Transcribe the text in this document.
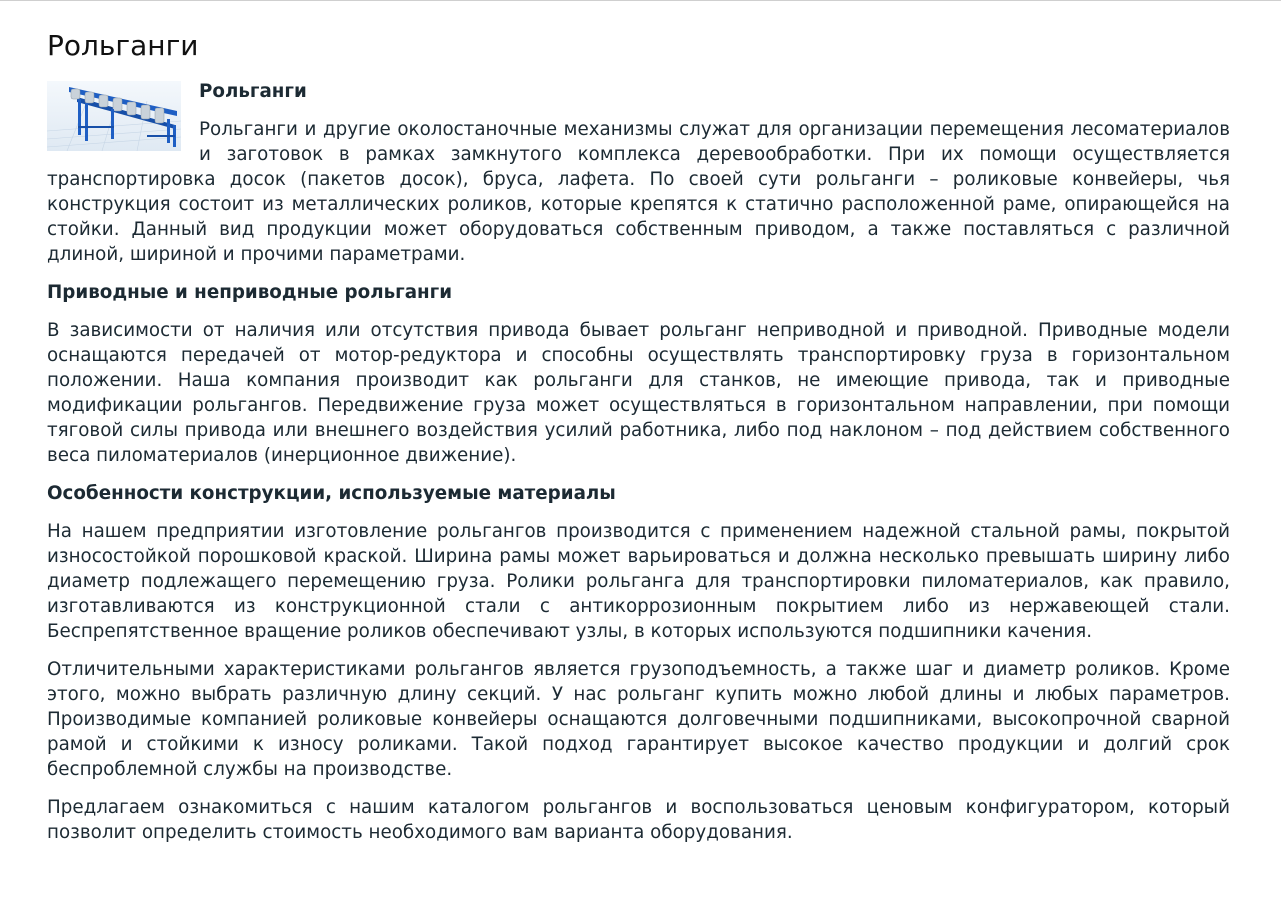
Рольганги
Рольганги

Рольганги и другие околостаночные механизмы служат для организации перемещения лесоматериалов и заготовок в рамках замкнутого комплекса деревообработки. При их помощи осуществляется транспортировка досок (пакетов досок), бруса, лафета. По своей сути рольганги – роликовые конвейеры, чья конструкция состоит из металлических роликов, которые крепятся к статично расположенной раме, опирающейся на стойки. Данный вид продукции может оборудоваться собственным приводом, а также поставляться с различной длиной, шириной и прочими параметрами.

Приводные и неприводные рольганги

В зависимости от наличия или отсутствия привода бывает рольганг неприводной и приводной. Приводные модели оснащаются передачей от мотор-редуктора и способны осуществлять транспортировку груза в горизонтальном положении. Наша компания производит как рольганги для станков, не имеющие привода, так и приводные модификации рольгангов. Передвижение груза может осуществляться в горизонтальном направлении, при помощи тяговой силы привода или внешнего воздействия усилий работника, либо под наклоном – под действием собственного веса пиломатериалов (инерционное движение).

Особенности конструкции, используемые материалы

На нашем предприятии изготовление рольгангов производится с применением надежной стальной рамы, покрытой износостойкой порошковой краской. Ширина рамы может варьироваться и должна несколько превышать ширину либо диаметр подлежащего перемещению груза. Ролики рольганга для транспортировки пиломатериалов, как правило, изготавливаются из конструкционной стали с антикоррозионным покрытием либо из нержавеющей стали. Беспрепятственное вращение роликов обеспечивают узлы, в которых используются подшипники качения.

Отличительными характеристиками рольгангов является грузоподъемность, а также шаг и диаметр роликов. Кроме этого, можно выбрать различную длину секций. У нас рольганг купить можно любой длины и любых параметров. Производимые компанией роликовые конвейеры оснащаются долговечными подшипниками, высокопрочной сварной рамой и стойкими к износу роликами. Такой подход гарантирует высокое качество продукции и долгий срок беспроблемной службы на производстве.

Предлагаем ознакомиться с нашим каталогом рольгангов и воспользоваться ценовым конфигуратором, который позволит определить стоимость необходимого вам варианта оборудования.
